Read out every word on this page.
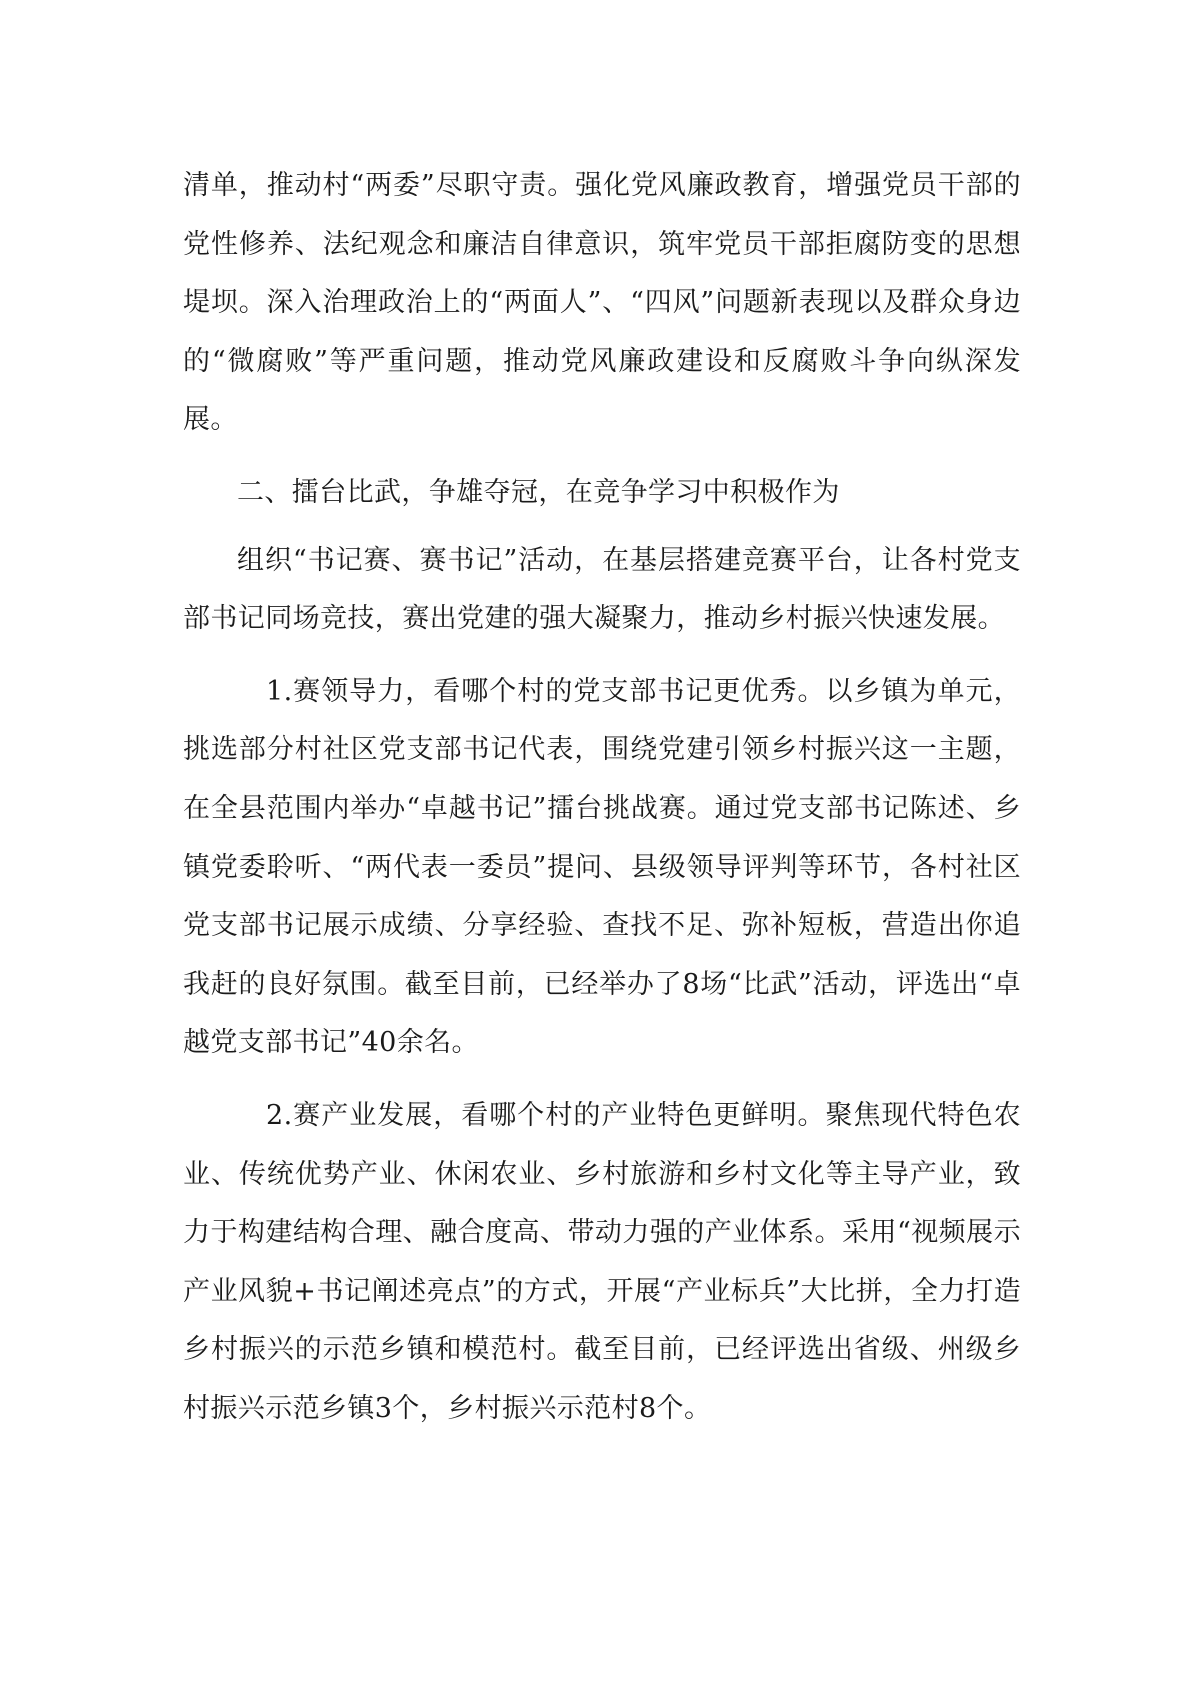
清单，推动村“两委”尽职守责。强化党风廉政教育，增强党员干部的党性修养、法纪观念和廉洁自律意识，筑牢党员干部拒腐防变的思想堤坝。深入治理政治上的“两面人”、“四风”问题新表现以及群众身边的“微腐败”等严重问题，推动党风廉政建设和反腐败斗争向纵深发展。

二、擂台比武，争雄夺冠，在竞争学习中积极作为

组织“书记赛、赛书记”活动，在基层搭建竞赛平台，让各村党支部书记同场竞技，赛出党建的强大凝聚力，推动乡村振兴快速发展。

1.赛领导力，看哪个村的党支部书记更优秀。以乡镇为单元，挑选部分村社区党支部书记代表，围绕党建引领乡村振兴这一主题，在全县范围内举办“卓越书记”擂台挑战赛。通过党支部书记陈述、乡镇党委聆听、“两代表一委员”提问、县级领导评判等环节，各村社区党支部书记展示成绩、分享经验、查找不足、弥补短板，营造出你追我赶的良好氛围。截至目前，已经举办了8场“比武”活动，评选出“卓越党支部书记”40余名。

2.赛产业发展，看哪个村的产业特色更鲜明。聚焦现代特色农业、传统优势产业、休闲农业、乡村旅游和乡村文化等主导产业，致力于构建结构合理、融合度高、带动力强的产业体系。采用“视频展示产业风貌+书记阐述亮点”的方式，开展“产业标兵”大比拼，全力打造乡村振兴的示范乡镇和模范村。截至目前，已经评选出省级、州级乡村振兴示范乡镇3个，乡村振兴示范村8个。
